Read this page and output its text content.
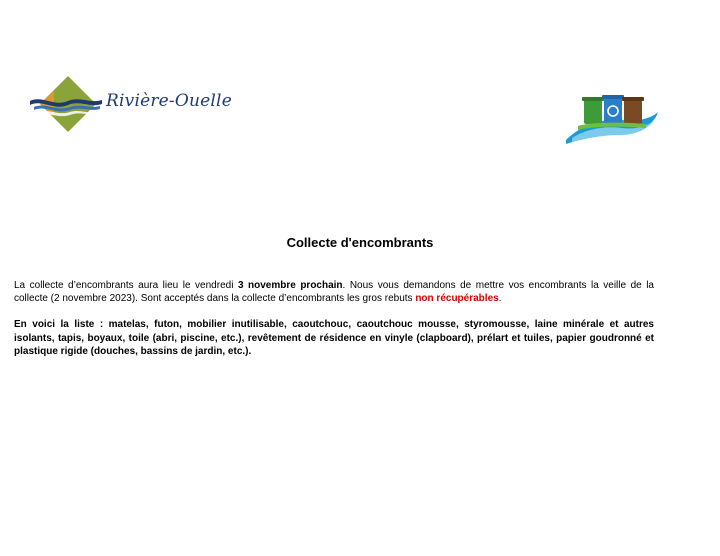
Rivière-Ouelle
Collecte d'encombrants

La collecte d’encombrants aura lieu le vendredi 3 novembre prochain. Nous vous demandons de mettre vos encombrants la veille de la collecte (2 novembre 2023). Sont acceptés dans la collecte d’encombrants les gros rebuts non récupérables.

En voici la liste : matelas, futon, mobilier inutilisable, caoutchouc, caoutchouc mousse, styromousse, laine minérale et autres isolants, tapis, boyaux, toile (abri, piscine, etc.), revêtement de résidence en vinyle (clapboard), prélart et tuiles, papier goudronné et plastique rigide (douches, bassins de jardin, etc.).
